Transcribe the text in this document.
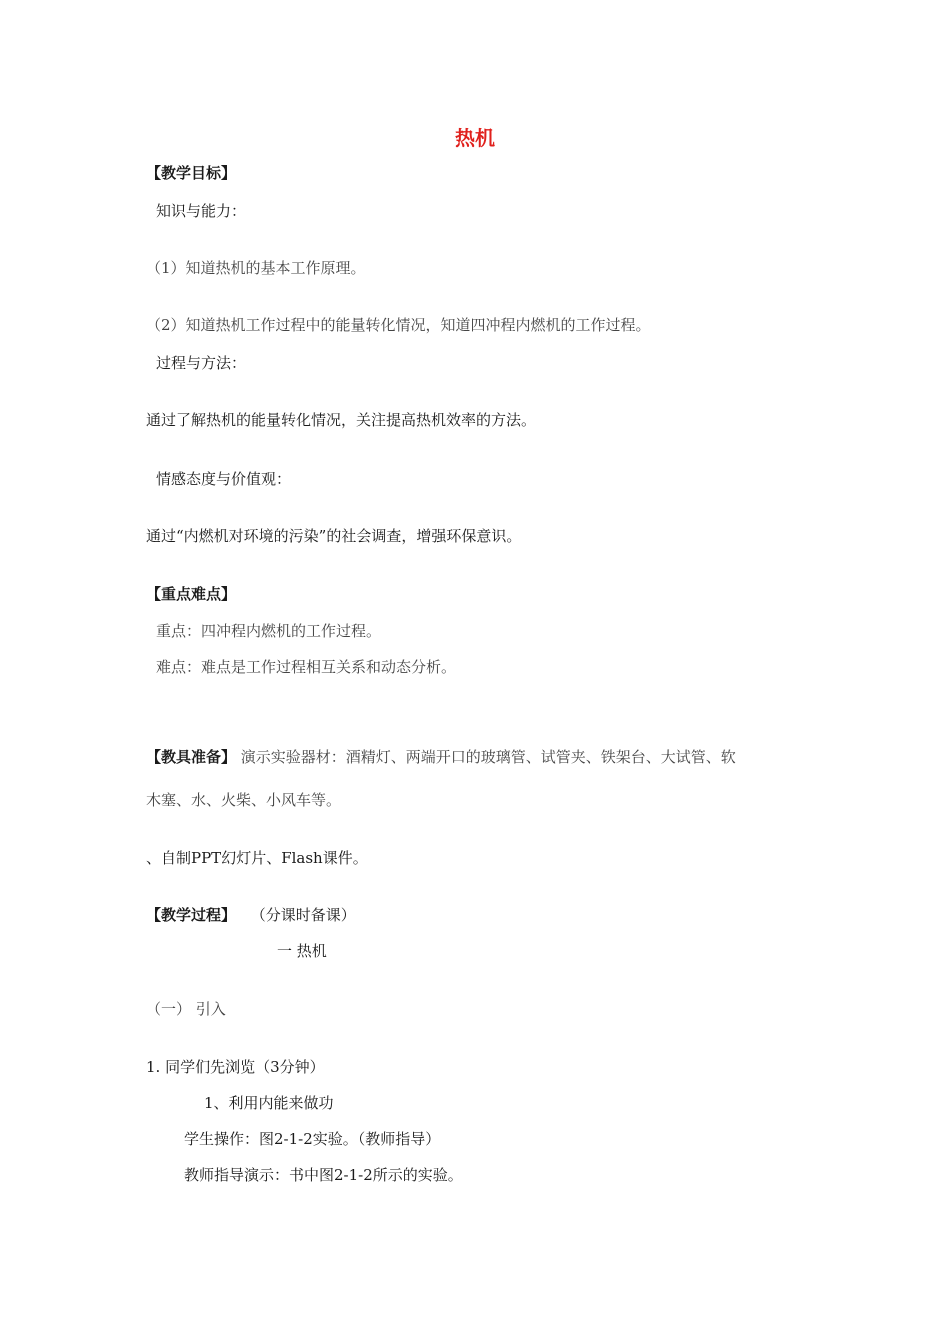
热机
【教学目标】
知识与能力：
（1）知道热机的基本工作原理。
（2）知道热机工作过程中的能量转化情况，知道四冲程内燃机的工作过程。
过程与方法：
通过了解热机的能量转化情况，关注提高热机效率的方法。
情感态度与价值观：
通过“内燃机对环境的污染”的社会调查，增强环保意识。
【重点难点】
重点：四冲程内燃机的工作过程。
难点：难点是工作过程相互关系和动态分析。
【教具准备】 演示实验器材：酒精灯、两端开口的玻璃管、试管夹、铁架台、大试管、软
木塞、水、火柴、小风车等。
、自制PPT幻灯片、Flash课件。
【教学过程】 （分课时备课）
一 热机
（一） 引入
1. 同学们先浏览（3分钟）
1、利用内能来做功
学生操作：图2-1-2实验。（教师指导）
教师指导演示：书中图2-1-2所示的实验。
